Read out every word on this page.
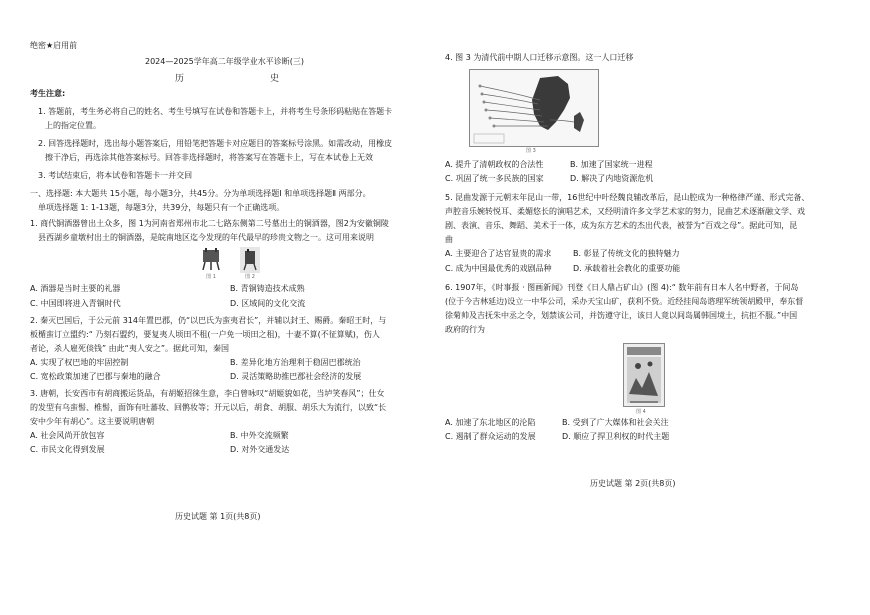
绝密★启用前
2024—2025学年高二年级学业水平诊断(三)
历	史

考生注意:

1. 答题前，考生务必将自己的姓名、考生号填写在试卷和答题卡上，并将考生号条形码粘贴在答题卡

上的指定位置。

2. 回答选择题时，选出每小题答案后，用铅笔把答题卡对应题目的答案标号涂黑。如需改动，用橡皮

擦干净后，再选涂其他答案标号。回答非选择题时，将答案写在答题卡上，写在本试卷上无效

3. 考试结束后，将本试卷和答题卡一并交回

一、选择题: 本大题共 15小题，每小题3分，共45分。分为单项选择题Ⅰ 和单项选择题Ⅱ 两部分。

单项选择题 1: 1-13题，每题3分，共39分，每题只有一个正确选项。

1. 商代铜酒器曾出土众多，图 1为河南省郑州市北二七路东侧第二号墓出土的铜酒器，图2为安徽铜陵

县西湖乡童墩村出土的铜酒器，是皖南地区迄今发现的年代最早的珍贵文物之一。这可用来说明

图 1	图 2
A. 酒器是当时主要的礼器	B. 青铜铸造技术成熟
C. 中国即将进入青铜时代	D. 区域间的文化交流

2. 秦灭巴国后，于公元前 314年置巴郡，仍“以巴氏为蛮夷君长”，并辅以封王、赐爵。秦昭王时，与

板楯蛮订立盟约:“ 乃刻石盟约，要复夷人顷田不租(一户免一顷田之租)，十妻不算(不征算赋)，伤人

者论，杀人雇死倓钱” 由此“夷人安之”。据此可知，秦国

A. 实现了权巴地的牢固控制	B. 差异化地方治理利于稳固巴郡统治
C. 宽松政策加速了巴郡与秦地的融合	D. 灵活策略助推巴郡社会经济的发展

3. 唐朝，长安西市有胡商搬运货品，有胡姬招徕生意，李白曾咏叹“胡姬貌如花，当垆笑春风”；仕女

的发型有乌蛮髻、椎髻，面饰有吐蕃妆、回鹘妆等；开元以后，胡食、胡服、胡乐大为流行，以致“长

安中少年有胡心”。这主要说明唐朝

A. 社会风尚开放包容	B. 中外交流频繁
C. 市民文化得到发展	D. 对外交通发达
历史试题 第 1页(共8页)

4. 图 3 为清代前中期人口迁移示意图。这一人口迁移

图 3
A. 提升了清朝政权的合法性	B. 加速了国家统一进程
C. 巩固了统一多民族的国家	D. 解决了内地资源危机

5. 昆曲发源于元朝末年昆山一带，16世纪中叶经魏良辅改革后，昆山腔成为一种格律严谨、形式完备、

声腔音乐婉转悦耳、柔媚悠长的演唱艺术，又经明清许多文学艺术家的努力，昆曲艺术逐渐融文学、戏

剧、表演、音乐、舞蹈、美术于一体，成为东方艺术的杰出代表，被誉为“百戏之母”。据此可知，昆

曲

A. 主要迎合了达官显贵的需求	B. 彰显了传统文化的独特魅力
C. 成为中国最优秀的戏剧品种	D. 承载着社会教化的重要功能

6. 1907年，《时事报 · 图画新闻》刊登《日人鼎占矿山》(图 4):“ 数年前有日本人名中野者，于间岛

(位于今吉林延边)设立一中华公司，采办天宝山矿，获利不赀。近经挂闯岛谘理军统领胡殿甲，奉东督

徐菊帅及吉抚朱中丞之令，划禁该公司，并饬遵守让，该日人竟以间岛属韩国境土，抗拒不服。”中国

政府的行为

图 4
A. 加速了东北地区的沦陷	B. 受到了广大媒体和社会关注
C. 遏制了群众运动的发展	D. 顺应了捍卫利权的时代主题
历史试题 第 2页(共8页)
